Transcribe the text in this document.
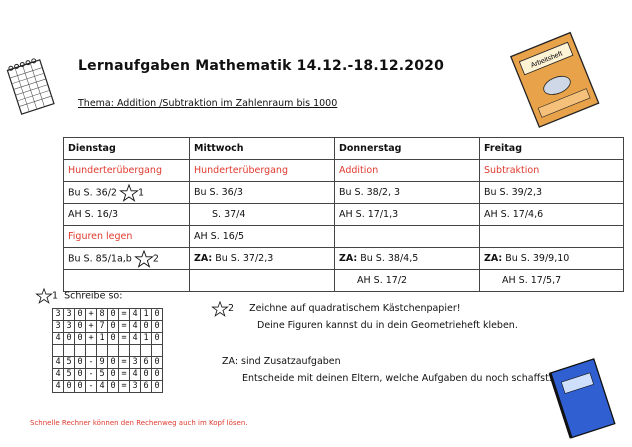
Arbeitsheft
Lernaufgaben Mathematik 14.12.-18.12.2020
Thema: Addition /Subtraktion im Zahlenraum bis 1000
Dienstag	Mittwoch	Donnerstag	Freitag
Hunderterübergang	Hunderterübergang	Addition	Subtraktion
Bu S. 36/2 1	Bu S. 36/3	Bu S. 38/2, 3	Bu S. 39/2,3
AH S. 16/3	S. 37/4	AH S. 17/1,3	AH S. 17/4,6
Figuren legen	AH S. 16/5		
Bu S. 85/1a,b 2	ZA: Bu S. 37/2,3	ZA: Bu S. 38/4,5	ZA: Bu S. 39/9,10
		AH S. 17/2	AH S. 17/5,7
1 Schreibe so:
3	3	0	+	8	0	=	4	1	0
3	3	0	+	7	0	=	4	0	0
4	0	0	+	1	0	=	4	1	0

4	5	0	-	9	0	=	3	6	0
4	5	0	-	5	0	=	4	0	0
4	0	0	-	4	0	=	3	6	0
Schnelle Rechner können den Rechenweg auch im Kopf lösen.
2 Zeichne auf quadratischem Kästchenpapier!
Deine Figuren kannst du in dein Geometrieheft kleben.
ZA: sind Zusatzaufgaben
Entscheide mit deinen Eltern, welche Aufgaben du noch schaffst.
